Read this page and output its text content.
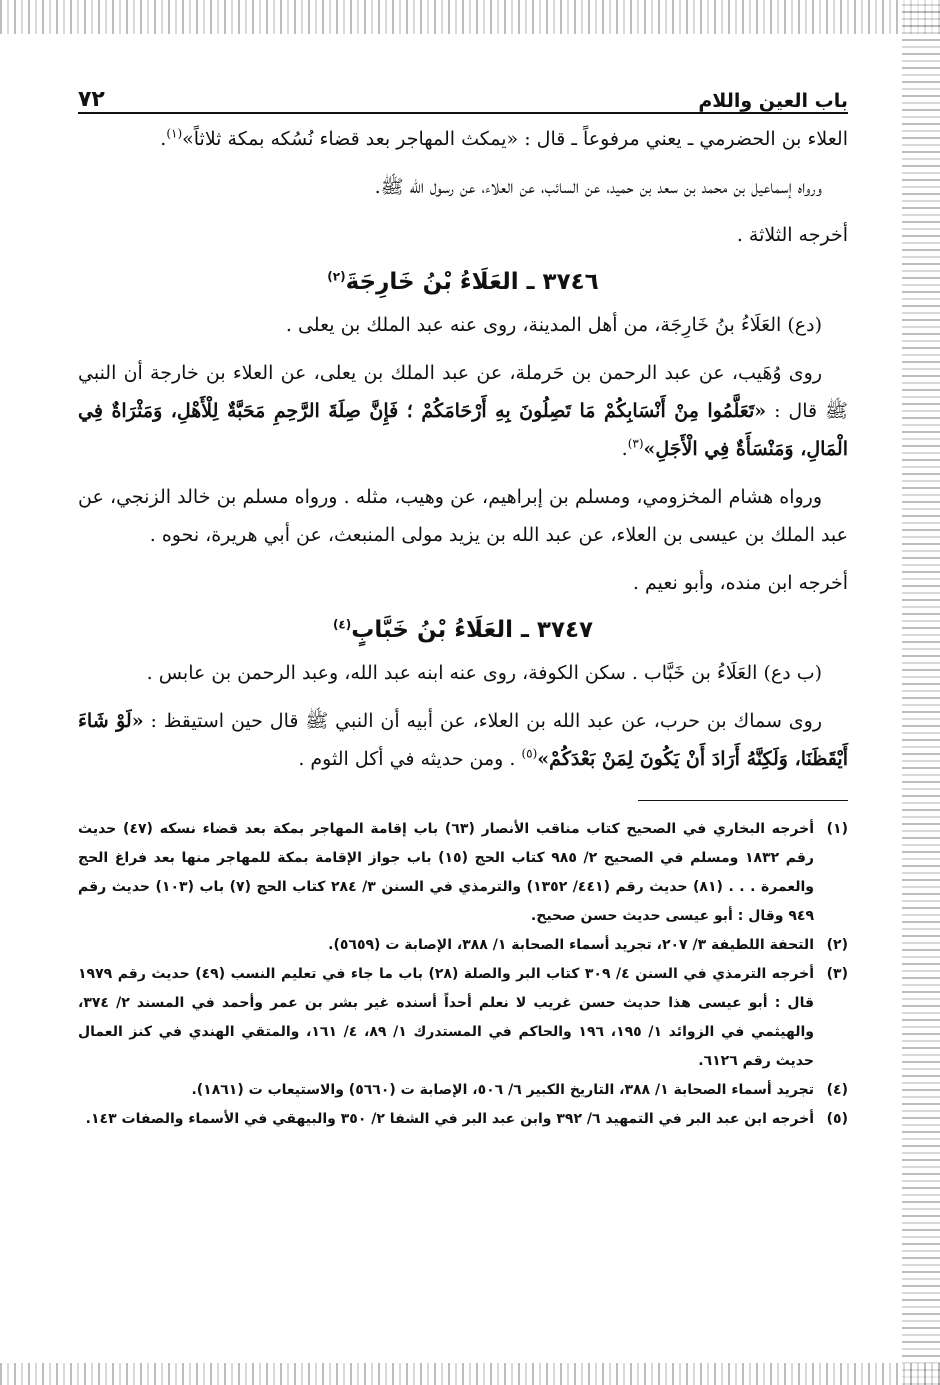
باب العين واللام
٧٢

العلاء بن الحضرمي ـ يعني مرفوعاً ـ قال : «يمكث المهاجر بعد قضاء نُسُكه بمكة ثلاثاً»$^{(١)}$.

ورواه إسماعيل بن محمد بن سعد بن حميد، عن السائب، عن العلاء، عن رسول الله ﷺ.

أخرجه الثلاثة .

٣٧٤٦ ـ العَلَاءُ بْنُ خَارِجَةَ$^{(٢)}$

(دع) العَلَاءُ بنُ خَارِجَة، من أهل المدينة، روى عنه عبد الملك بن يعلى .

روى وُهَيب، عن عبد الرحمن بن حَرملة، عن عبد الملك بن يعلى، عن العلاء بن خارجة أن النبي ﷺ قال : «تَعَلَّمُوا مِنْ أَنْسَابِكُمْ مَا تَصِلُونَ بِهِ أَرْحَامَكُمْ ؛ فَإِنَّ صِلَةَ الرَّحِمِ مَحَبَّةٌ لِلْأَهْلِ، وَمَثْرَاةٌ فِي الْمَالِ، وَمَنْسَأَةٌ فِي الْأَجَلِ»$^{(٣)}$.

ورواه هشام المخزومي، ومسلم بن إبراهيم، عن وهيب، مثله . ورواه مسلم بن خالد الزنجي، عن عبد الملك بن عيسى بن العلاء، عن عبد الله بن يزيد مولى المنبعث، عن أبي هريرة، نحوه .

أخرجه ابن منده، وأبو نعيم .

٣٧٤٧ ـ العَلَاءُ بْنُ خَبَّابٍ$^{(٤)}$

(ب دع) العَلَاءُ بن خَبَّاب . سكن الكوفة، روى عنه ابنه عبد الله، وعبد الرحمن بن عابس .

روى سماك بن حرب، عن عبد الله بن العلاء، عن أبيه أن النبي ﷺ قال حين استيقظ : «لَوْ شَاءَ أَيْقَظَنَا، وَلَكِنَّهُ أَرَادَ أَنْ يَكُونَ لِمَنْ بَعْدَكُمْ»$^{(٥)}$ . ومن حديثه في أكل الثوم .

(١)
أخرجه البخاري في الصحيح كتاب مناقب الأنصار (٦٣) باب إقامة المهاجر بمكة بعد قضاء نسكه (٤٧) حديث رقم ١٨٣٢ ومسلم في الصحيح ٢/ ٩٨٥ كتاب الحج (١٥) باب جواز الإقامة بمكة للمهاجر منها بعد فراغ الحج والعمرة . . . (٨١) حديث رقم (٤٤١/ ١٣٥٢) والترمذي في السنن ٣/ ٢٨٤ كتاب الحج (٧) باب (١٠٣) حديث رقم ٩٤٩ وقال : أبو عيسى حديث حسن صحيح.
(٢)
التحفة اللطيفة ٣/ ٢٠٧، تجريد أسماء الصحابة ١/ ٣٨٨، الإصابة ت (٥٦٥٩).
(٣)
أخرجه الترمذي في السنن ٤/ ٣٠٩ كتاب البر والصلة (٢٨) باب ما جاء في تعليم النسب (٤٩) حديث رقم ١٩٧٩ قال : أبو عيسى هذا حديث حسن غريب لا نعلم أحداً أسنده غير بشر بن عمر وأحمد في المسند ٢/ ٣٧٤، والهيثمي في الزوائد ١/ ١٩٥، ١٩٦ والحاكم في المستدرك ١/ ٨٩، ٤/ ١٦١، والمتقي الهندي في كنز العمال حديث رقم ٦١٢٦.
(٤)
تجريد أسماء الصحابة ١/ ٣٨٨، التاريخ الكبير ٦/ ٥٠٦، الإصابة ت (٥٦٦٠) والاستيعاب ت (١٨٦١).
(٥)
أخرجه ابن عبد البر في التمهيد ٦/ ٣٩٢ وابن عبد البر في الشفا ٢/ ٣٥٠ والبيهقي في الأسماء والصفات ١٤٣.
